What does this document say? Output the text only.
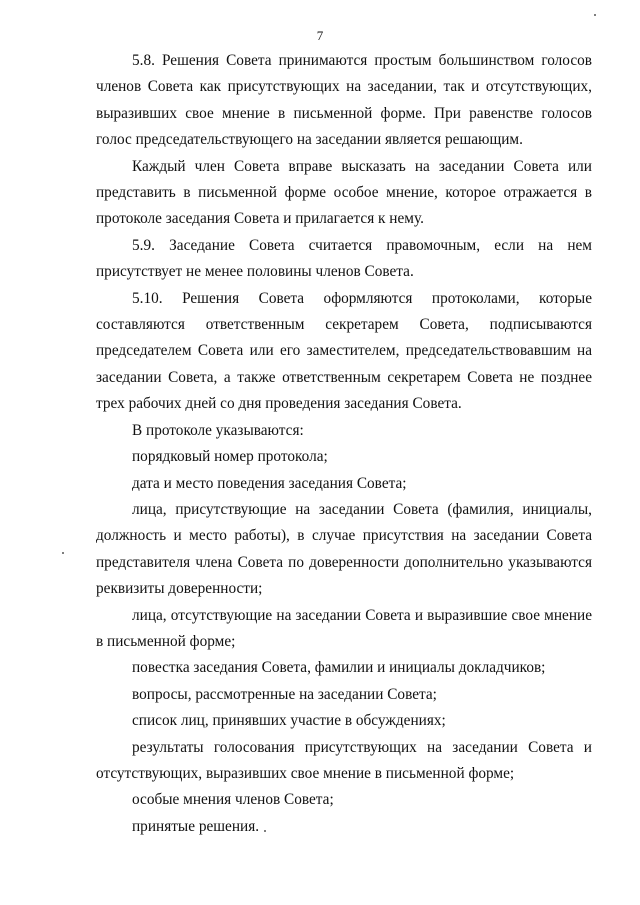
7

5.8. Решения Совета принимаются простым большинством голосов членов Совета как присутствующих на заседании, так и отсутствующих, выразивших свое мнение в письменной форме. При равенстве голосов голос председательствующего на заседании является решающим.

Каждый член Совета вправе высказать на заседании Совета или представить в письменной форме особое мнение, которое отражается в протоколе заседания Совета и прилагается к нему.

5.9. Заседание Совета считается правомочным, если на нем присутствует не менее половины членов Совета.

5.10. Решения Совета оформляются протоколами, которые составляются ответственным секретарем Совета, подписываются председателем Совета или его заместителем, председательствовавшим на заседании Совета, а также ответственным секретарем Совета не позднее трех рабочих дней со дня проведения заседания Совета.

В протоколе указываются:

порядковый номер протокола;

дата и место поведения заседания Совета;

лица, присутствующие на заседании Совета (фамилия, инициалы, должность и место работы), в случае присутствия на заседании Совета представителя члена Совета по доверенности дополнительно указываются реквизиты доверенности;

лица, отсутствующие на заседании Совета и выразившие свое мнение в письменной форме;

повестка заседания Совета, фамилии и инициалы докладчиков;

вопросы, рассмотренные на заседании Совета;

список лиц, принявших участие в обсуждениях;

результаты голосования присутствующих на заседании Совета и отсутствующих, выразивших свое мнение в письменной форме;

особые мнения членов Совета;

принятые решения.
